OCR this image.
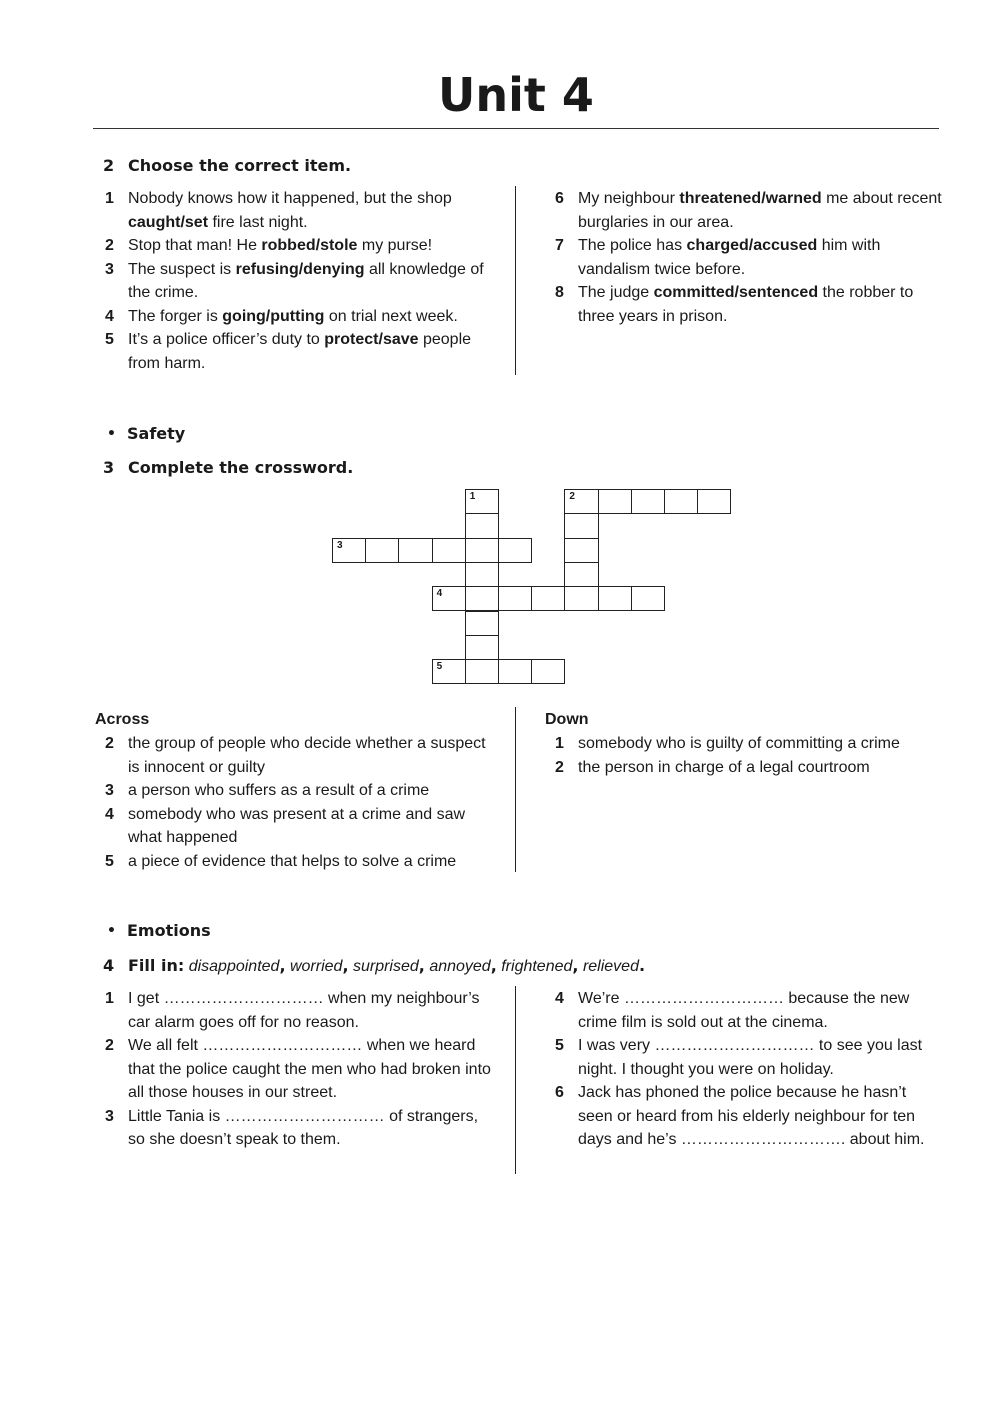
Unit 4
2 Choose the correct item.
1 Nobody knows how it happened, but the shop caught/set fire last night.
2 Stop that man! He robbed/stole my purse!
3 The suspect is refusing/denying all knowledge of the crime.
4 The forger is going/putting on trial next week.
5 It’s a police officer’s duty to protect/save people from harm.
6 My neighbour threatened/warned me about recent burglaries in our area.
7 The police has charged/accused him with vandalism twice before.
8 The judge committed/sentenced the robber to three years in prison.
• Safety
3 Complete the crossword.
1	2
3
4
5
Across
2 the group of people who decide whether a suspect is innocent or guilty
3 a person who suffers as a result of a crime
4 somebody who was present at a crime and saw what happened
5 a piece of evidence that helps to solve a crime
Down
1 somebody who is guilty of committing a crime
2 the person in charge of a legal courtroom
• Emotions
4 Fill in: disappointed, worried, surprised, annoyed, frightened, relieved.
1 I get ………………………… when my neighbour’s car alarm goes off for no reason.
2 We all felt ………………………… when we heard that the police caught the men who had broken into all those houses in our street.
3 Little Tania is ………………………… of strangers, so she doesn’t speak to them.
4 We’re ………………………… because the new crime film is sold out at the cinema.
5 I was very ………………………… to see you last night. I thought you were on holiday.
6 Jack has phoned the police because he hasn’t seen or heard from his elderly neighbour for ten days and he’s …………………………. about him.
